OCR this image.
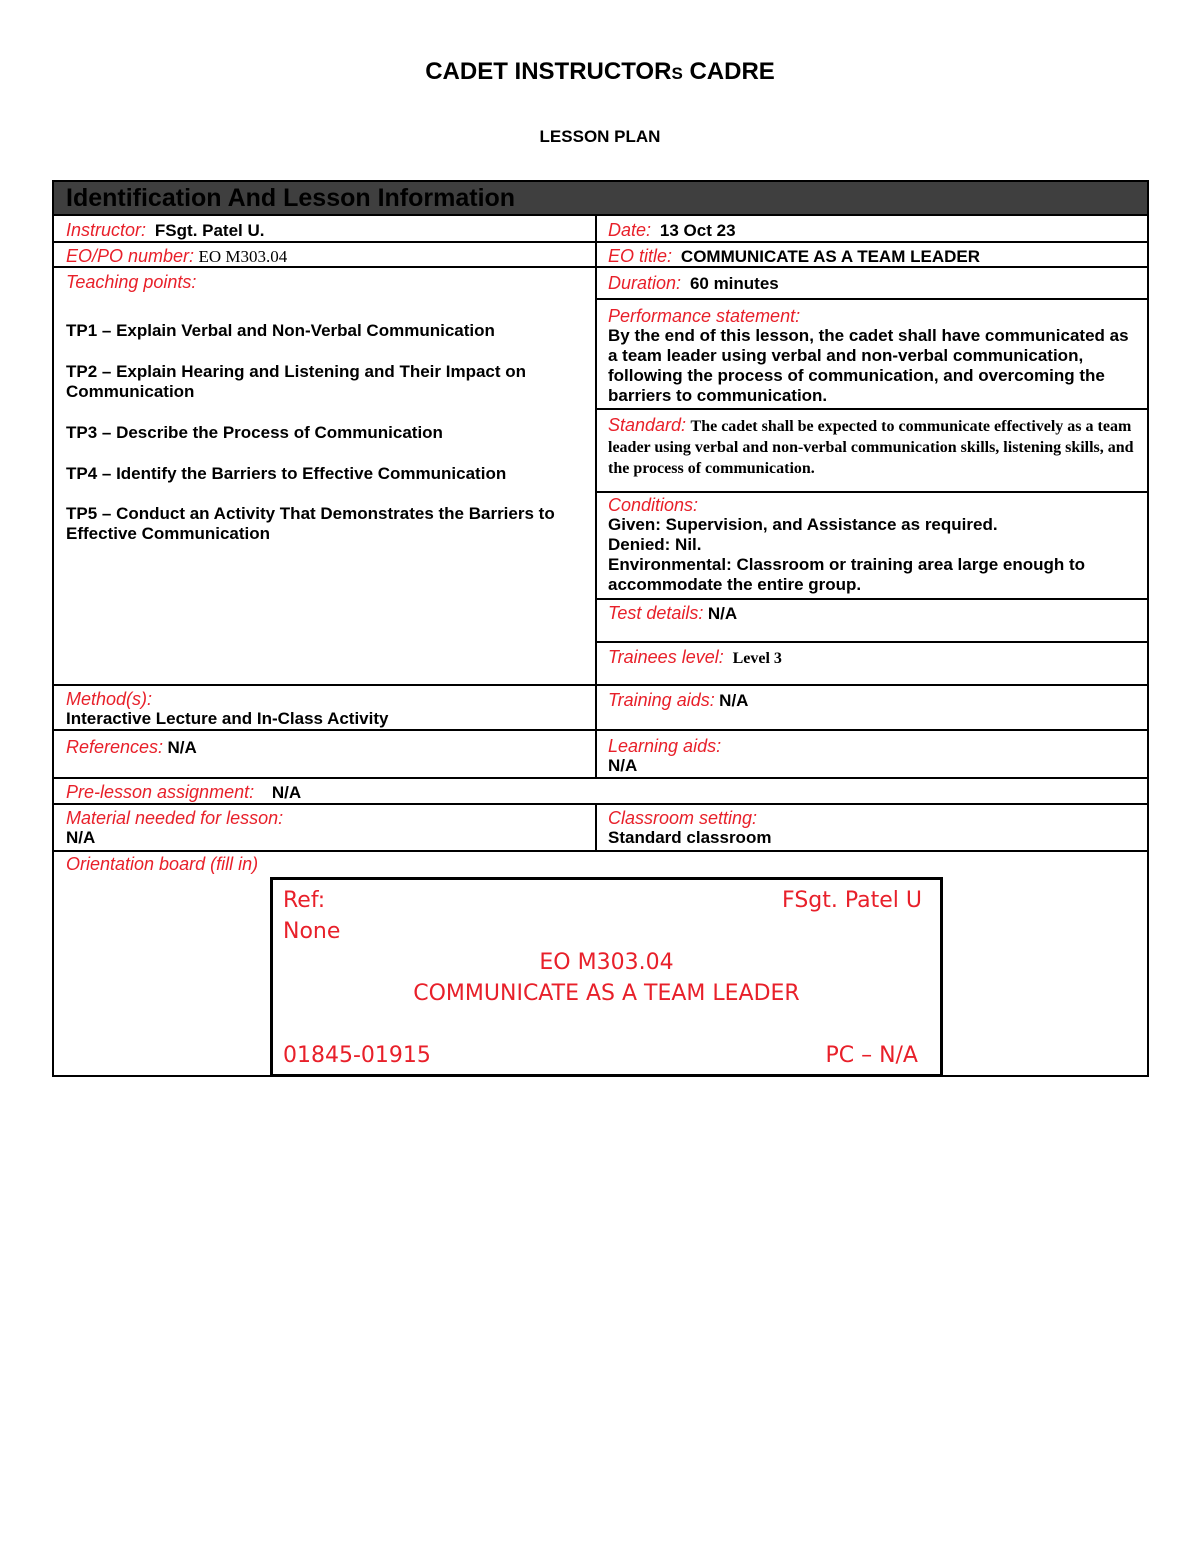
CADET INSTRUCTORS CADRE
LESSON PLAN
Identification And Lesson Information
Instructor: FSgt. Patel U.	Date: 13 Oct 23
EO/PO number: EO M303.04	EO title: COMMUNICATE AS A TEAM LEADER
Teaching points:
TP1 – Explain Verbal and Non-Verbal Communication
TP2 – Explain Hearing and Listening and Their Impact on Communication
TP3 – Describe the Process of Communication
TP4 – Identify the Barriers to Effective Communication
TP5 – Conduct an Activity That Demonstrates the Barriers to Effective Communication
Duration: 60 minutes
Performance statement:
By the end of this lesson, the cadet shall have communicated as a team leader using verbal and non-verbal communication, following the process of communication, and overcoming the barriers to communication.
Standard: The cadet shall be expected to communicate effectively as a team leader using verbal and non-verbal communication skills, listening skills, and the process of communication.
Conditions:
Given: Supervision, and Assistance as required.
Denied: Nil.
Environmental: Classroom or training area large enough to accommodate the entire group.
Test details: N/A
Trainees level: Level 3
Method(s):
Interactive Lecture and In-Class Activity
Training aids: N/A
References: N/A	Learning aids:
N/A
Pre-lesson assignment: N/A
Material needed for lesson:
N/A
Classroom setting:
Standard classroom
Orientation board (fill in)
Ref:
None
FSgt. Patel U
EO M303.04
COMMUNICATE AS A TEAM LEADER
01845-01915	PC – N/A
